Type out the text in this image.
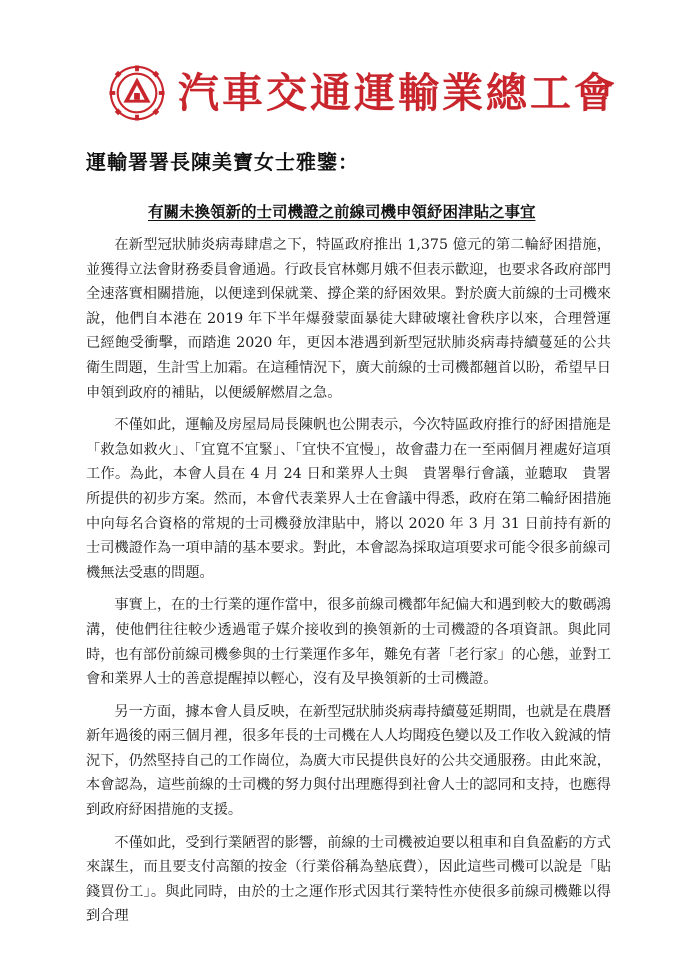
汽車交通運輸業總工會
運輸署署長陳美寶女士雅鑒：
有關未換領新的士司機證之前線司機申領紓困津貼之事宜

在新型冠狀肺炎病毒肆虐之下，特區政府推出 1,375 億元的第二輪紓困措施，並獲得立法會財務委員會通過。行政長官林鄭月娥不但表示歡迎，也要求各政府部門全速落實相關措施，以便達到保就業、撐企業的紓困效果。對於廣大前線的士司機來說，他們自本港在 2019 年下半年爆發蒙面暴徒大肆破壞社會秩序以來，合理營運已經飽受衝擊，而踏進 2020 年，更因本港遇到新型冠狀肺炎病毒持續蔓延的公共衛生問題，生計雪上加霜。在這種情況下，廣大前線的士司機都翹首以盼，希望早日申領到政府的補貼，以便緩解燃眉之急。

不僅如此，運輸及房屋局局長陳帆也公開表示，今次特區政府推行的紓困措施是「救急如救火」、「宜寬不宜緊」、「宜快不宜慢」，故會盡力在一至兩個月裡處好這項工作。為此，本會人員在 4 月 24 日和業界人士與　貴署舉行會議，並聽取　貴署所提供的初步方案。然而，本會代表業界人士在會議中得悉，政府在第二輪紓困措施中向每名合資格的常規的士司機發放津貼中，將以 2020 年 3 月 31 日前持有新的士司機證作為一項申請的基本要求。對此，本會認為採取這項要求可能令很多前線司機無法受惠的問題。

事實上，在的士行業的運作當中，很多前線司機都年紀偏大和遇到較大的數碼鴻溝，使他們往往較少透過電子媒介接收到的換領新的士司機證的各項資訊。與此同時，也有部份前線司機參與的士行業運作多年，難免有著「老行家」的心態，並對工會和業界人士的善意提醒掉以輕心，沒有及早換領新的士司機證。

另一方面，據本會人員反映，在新型冠狀肺炎病毒持續蔓延期間，也就是在農曆新年過後的兩三個月裡，很多年長的士司機在人人均聞疫色變以及工作收入銳減的情況下，仍然堅持自己的工作崗位，為廣大市民提供良好的公共交通服務。由此來說，本會認為，這些前線的士司機的努力與付出理應得到社會人士的認同和支持，也應得到政府紓困措施的支援。

不僅如此，受到行業陋習的影響，前線的士司機被迫要以租車和自負盈虧的方式來謀生，而且要支付高額的按金（行業俗稱為墊底費），因此這些司機可以說是「貼錢買份工」。與此同時，由於的士之運作形式因其行業特性亦使很多前線司機難以得到合理
